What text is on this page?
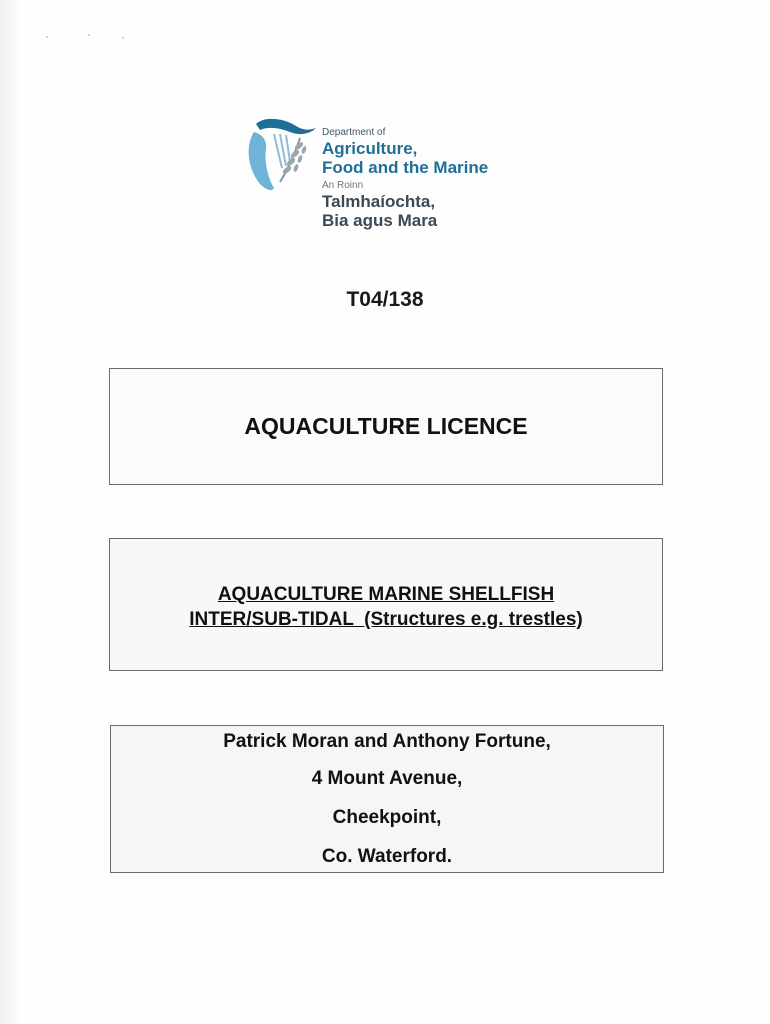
Department of

Agriculture,

Food and the Marine

An Roinn

Talmhaíochta,

Bia agus Mara

T04/138
AQUACULTURE LICENCE
AQUACULTURE MARINE SHELLFISH
INTER/SUB-TIDAL  (Structures e.g. trestles)
Patrick Moran and Anthony Fortune,
4 Mount Avenue,
Cheekpoint,
Co. Waterford.
